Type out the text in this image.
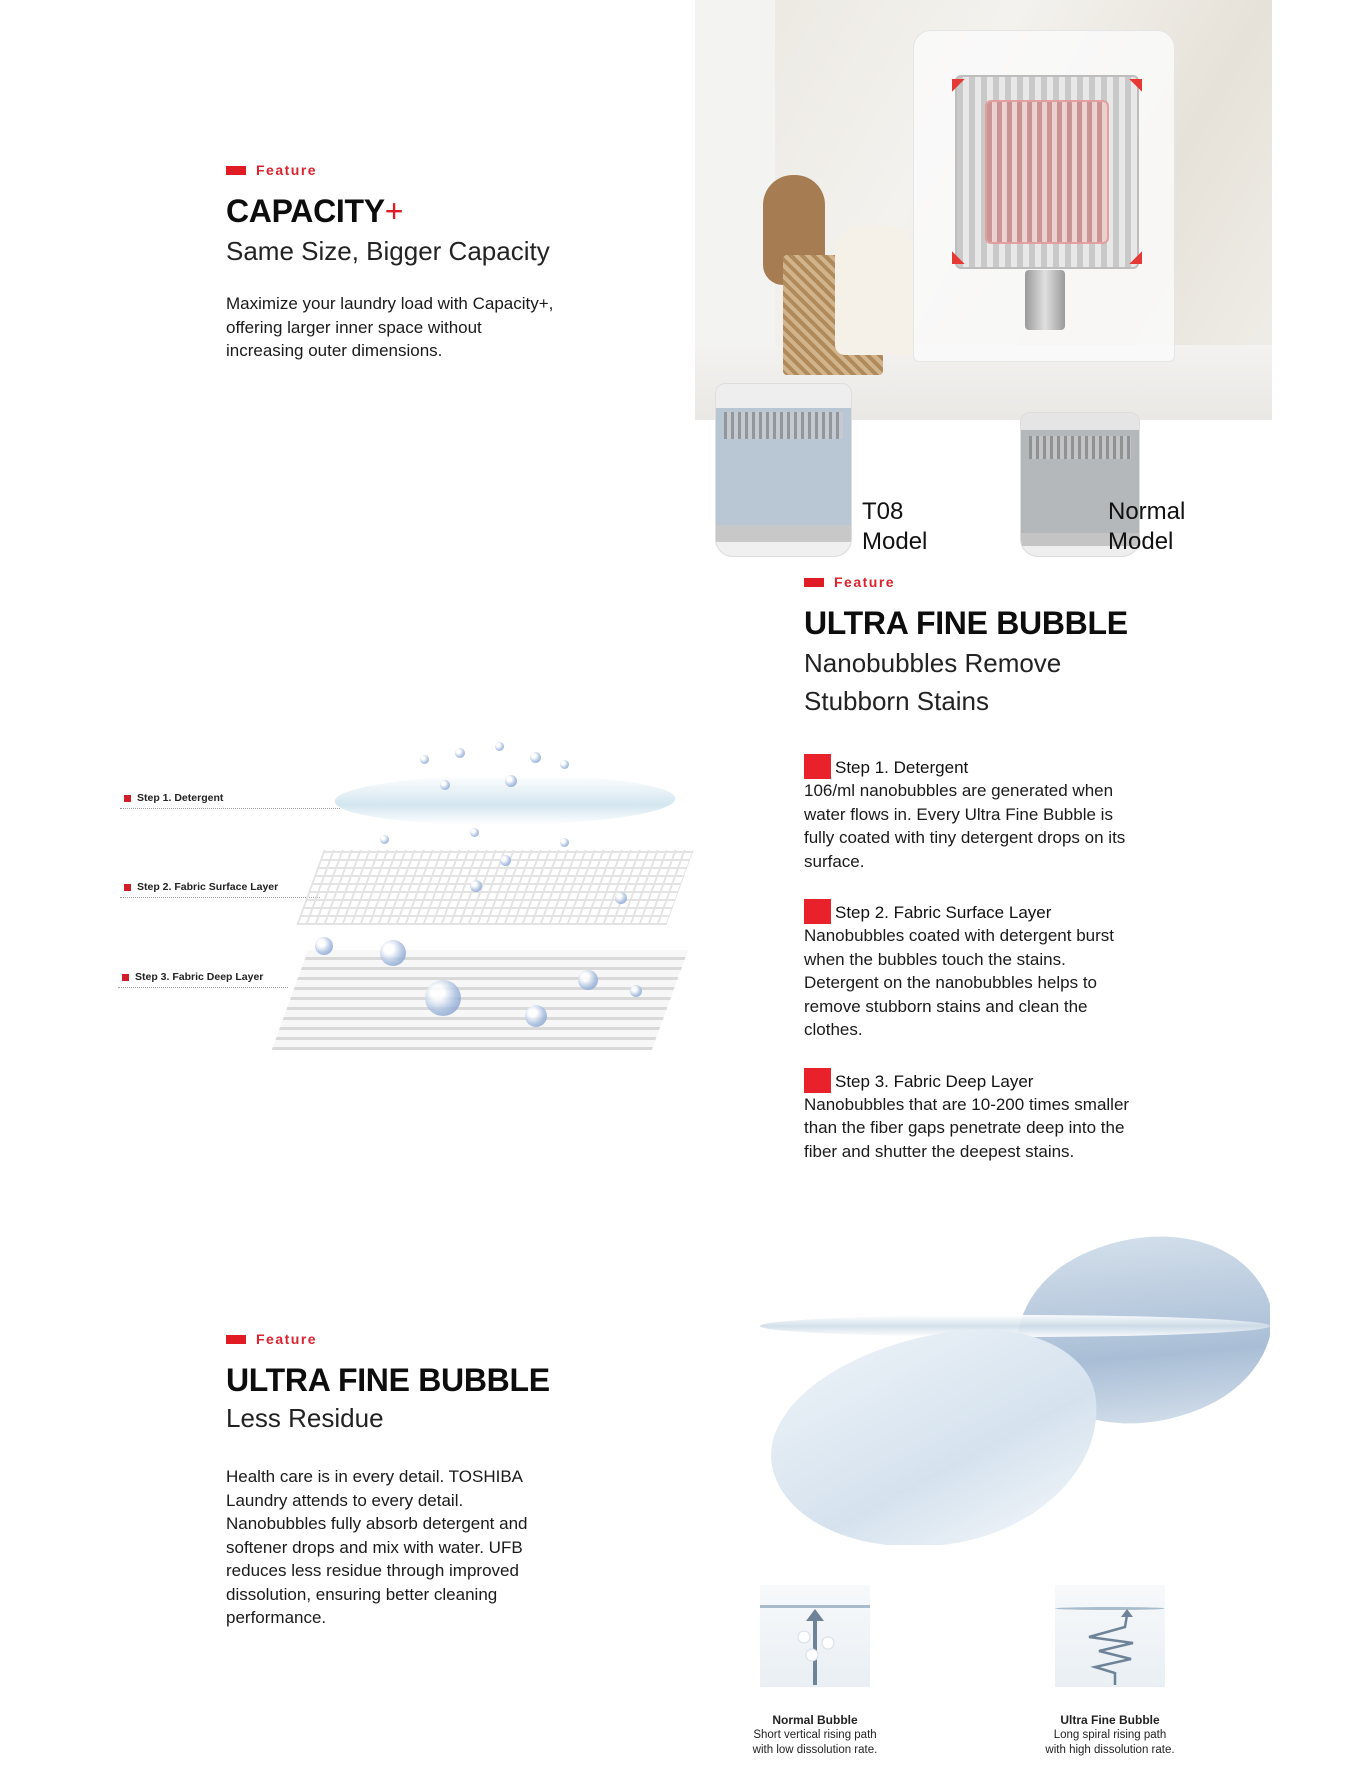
Feature
CAPACITY+
Same Size, Bigger Capacity
Maximize your laundry load with Capacity+,
offering larger inner space without
increasing outer dimensions.
T08
Model
Normal
Model
Feature
ULTRA FINE BUBBLE
Nanobubbles Remove
Stubborn Stains
Step 1. Detergent
106/ml nanobubbles are generated when
water flows in. Every Ultra Fine Bubble is
fully coated with tiny detergent drops on its
surface.
Step 2. Fabric Surface Layer
Nanobubbles coated with detergent burst
when the bubbles touch the stains.
Detergent on the nanobubbles helps to
remove stubborn stains and clean the
clothes.
Step 3. Fabric Deep Layer
Nanobubbles that are 10-200 times smaller
than the fiber gaps penetrate deep into the
fiber and shutter the deepest stains.
Step 1. Detergent
Step 2. Fabric Surface Layer
Step 3. Fabric Deep Layer
Feature
ULTRA FINE BUBBLE
Less Residue
Health care is in every detail. TOSHIBA
Laundry attends to every detail.
Nanobubbles fully absorb detergent and
softener drops and mix with water. UFB
reduces less residue through improved
dissolution, ensuring better cleaning
performance.
Normal Bubble
Short vertical rising path
with low dissolution rate.
Ultra Fine Bubble
Long spiral rising path
with high dissolution rate.
